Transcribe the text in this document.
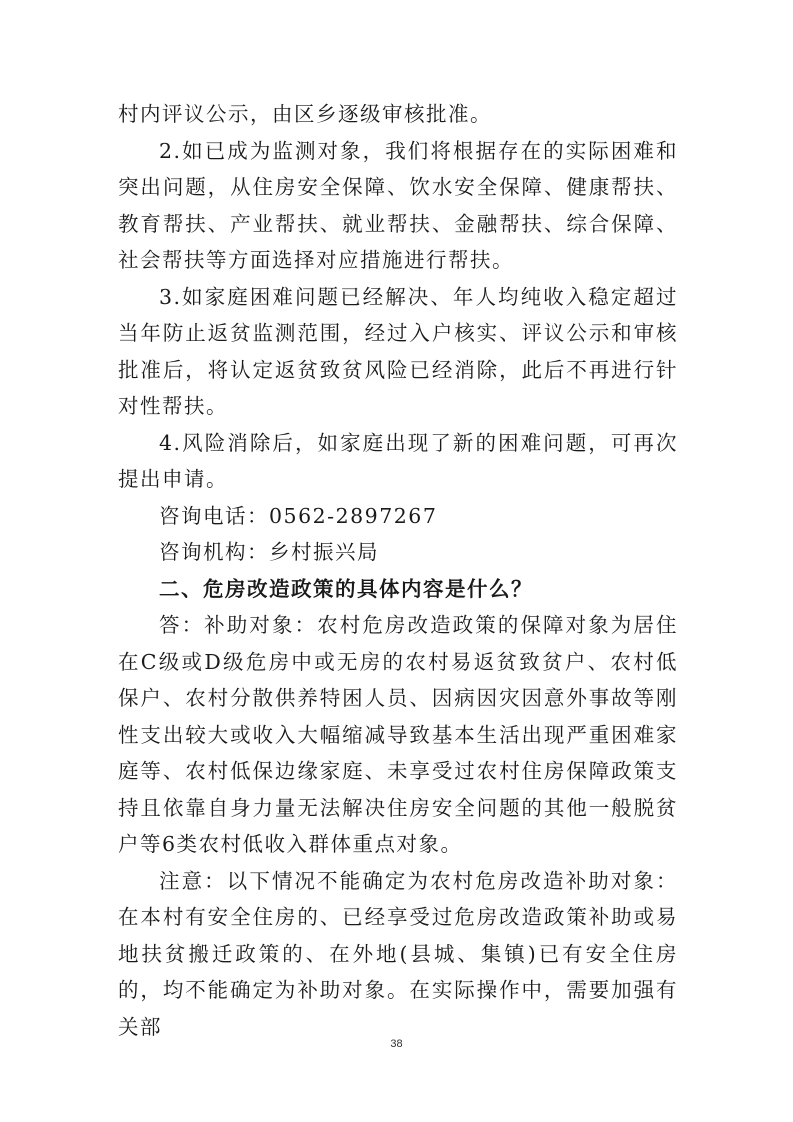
村内评议公示，由区乡逐级审核批准。

2.如已成为监测对象，我们将根据存在的实际困难和突出问题，从住房安全保障、饮水安全保障、健康帮扶、教育帮扶、产业帮扶、就业帮扶、金融帮扶、综合保障、社会帮扶等方面选择对应措施进行帮扶。

3.如家庭困难问题已经解决、年人均纯收入稳定超过当年防止返贫监测范围，经过入户核实、评议公示和审核批准后，将认定返贫致贫风险已经消除，此后不再进行针对性帮扶。

4.风险消除后，如家庭出现了新的困难问题，可再次提出申请。

咨询电话：0562-2897267

咨询机构：乡村振兴局

二、危房改造政策的具体内容是什么？

答：补助对象：农村危房改造政策的保障对象为居住在C级或D级危房中或无房的农村易返贫致贫户、农村低保户、农村分散供养特困人员、因病因灾因意外事故等刚性支出较大或收入大幅缩减导致基本生活出现严重困难家庭等、农村低保边缘家庭、未享受过农村住房保障政策支持且依靠自身力量无法解决住房安全问题的其他一般脱贫户等6类农村低收入群体重点对象。

注意：以下情况不能确定为农村危房改造补助对象：在本村有安全住房的、已经享受过危房改造政策补助或易地扶贫搬迁政策的、在外地(县城、集镇)已有安全住房的，均不能确定为补助对象。在实际操作中，需要加强有关部

38
